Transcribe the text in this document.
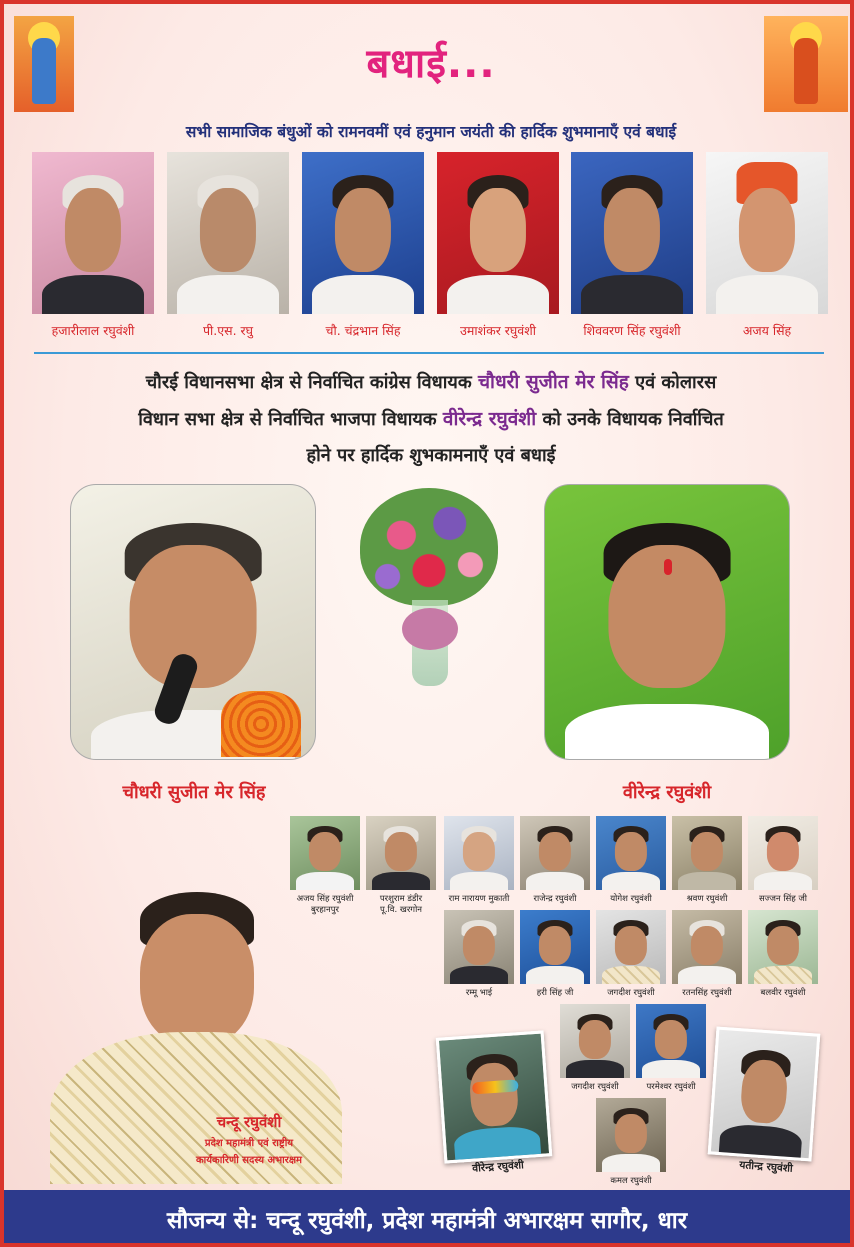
बधाई...
सभी सामाजिक बंधुओं को रामनवमीं एवं हनुमान जयंती की हार्दिक शुभमानाएँ एवं बधाई
हजारीलाल रघुवंशी	पी.एस. रघु	चौ. चंद्रभान सिंह	उमाशंकर रघुवंशी	शिववरण सिंह रघुवंशी	अजय सिंह
चौरई विधानसभा क्षेत्र से निर्वाचित कांग्रेस विधायक चौधरी सुजीत मेर सिंह एवं कोलारस
विधान सभा क्षेत्र से निर्वाचित भाजपा विधायक वीरेन्द्र रघुवंशी को उनके विधायक निर्वाचित
होने पर हार्दिक शुभकामनाएँ एवं बधाई
चौधरी सुजीत मेर सिंह	वीरेन्द्र रघुवंशी
अजय सिंह रघुवंशी
बुरहानपुर
परशुराम डंडीर
पू.वि. खरगोन
राम नारायण मुकाती	राजेन्द्र रघुवंशी	योगेश रघुवंशी	श्रवण रघुवंशी	सज्जन सिंह जी
रम्मू भाई	हरी सिंह जी	जगदीश रघुवंशी	रतनसिंह रघुवंशी	बलवीर रघुवंशी
जगदीश रघुवंशी	परमेश्वर रघुवंशी
वीरेन्द्र रघुवंशी
कमल रघुवंशी
यतीन्द्र रघुवंशी
चन्दू रघुवंशी
प्रदेश महामंत्री एवं राष्ट्रीय
कार्यकारिणी सदस्य अभारक्षम
सौजन्य से: चन्दू रघुवंशी, प्रदेश महामंत्री अभारक्षम सागौर, धार
